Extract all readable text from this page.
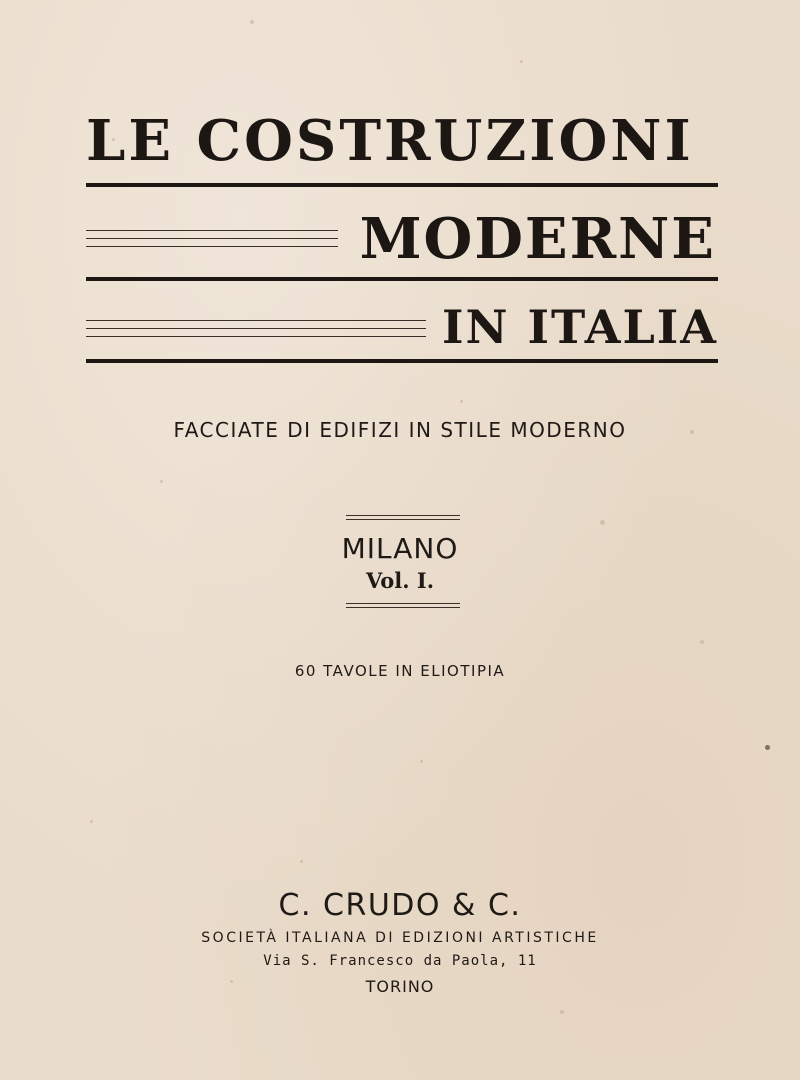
LE COSTRUZIONI
MODERNE
IN ITALIA
FACCIATE DI EDIFIZI IN STILE MODERNO
MILANO
Vol. I.
60 TAVOLE IN ELIOTIPIA
C. CRUDO & C.
SOCIETÀ ITALIANA DI EDIZIONI ARTISTICHE
Via S. Francesco da Paola, 11
TORINO
